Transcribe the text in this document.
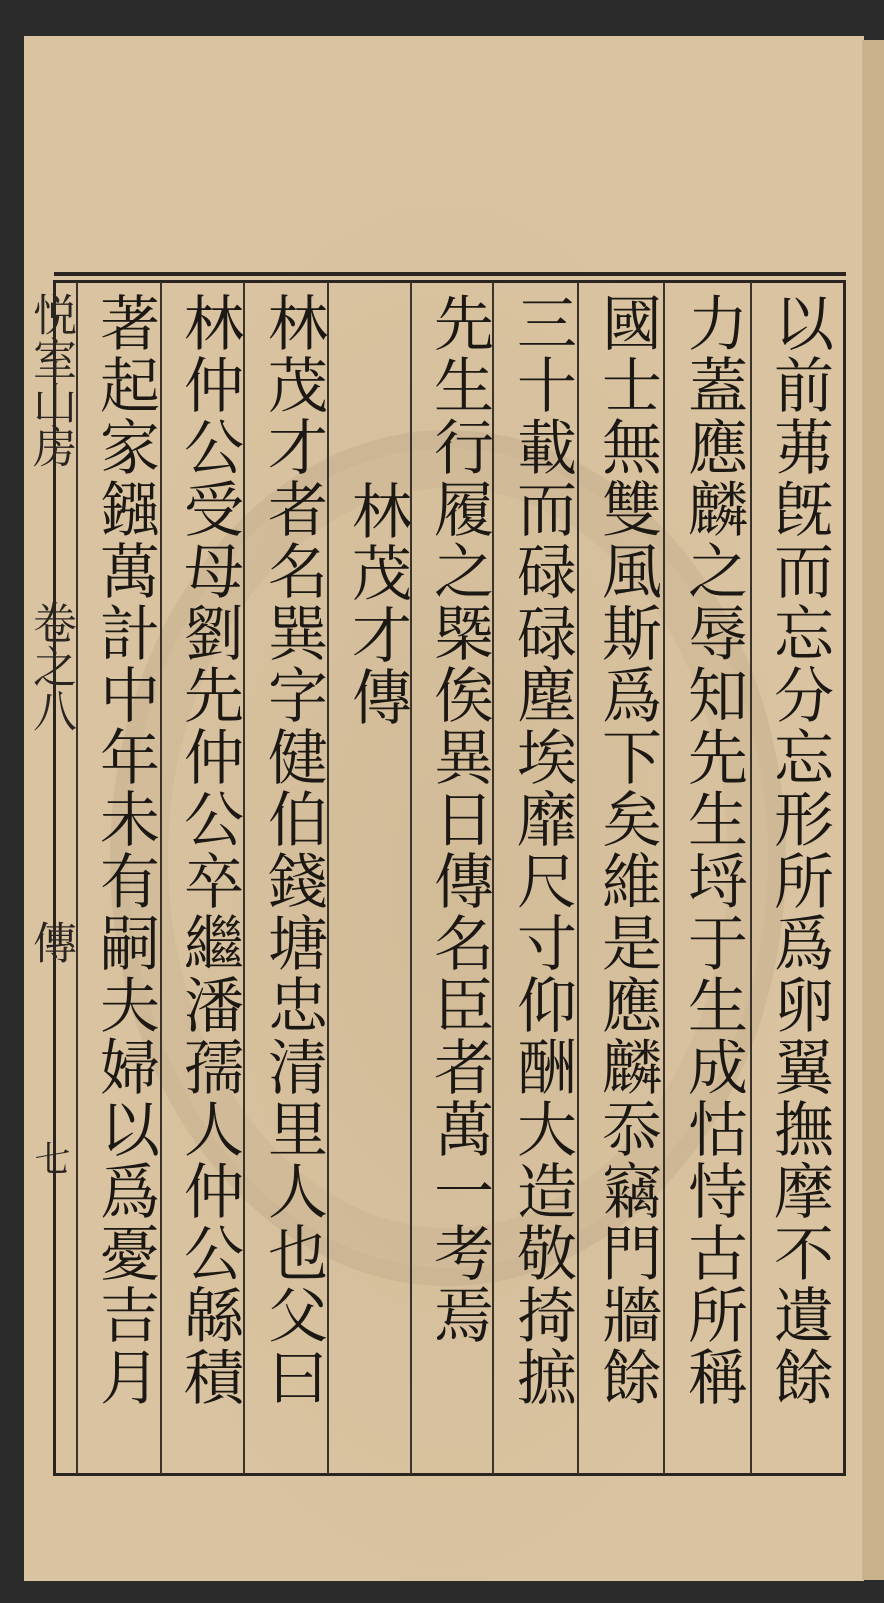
以前茀旣而忘分忘形所爲卵翼撫摩不遺餘
力蓋應麟之辱知先生埒于生成怙恃古所稱
國士無雙風斯爲下矣維是應麟忝竊門牆餘
三十載而碌碌塵埃靡尺寸仰酬大造敬掎摭
先生行履之槩俟異日傳名臣者萬一考焉
林茂才傳
林茂才者名巽字健伯錢塘忠清里人也父曰
林仲公受母劉先仲公卒繼潘孺人仲公緜積
著起家鏹萬計中年未有嗣夫婦以爲憂吉月
悦室山房
卷之八
傳
七
